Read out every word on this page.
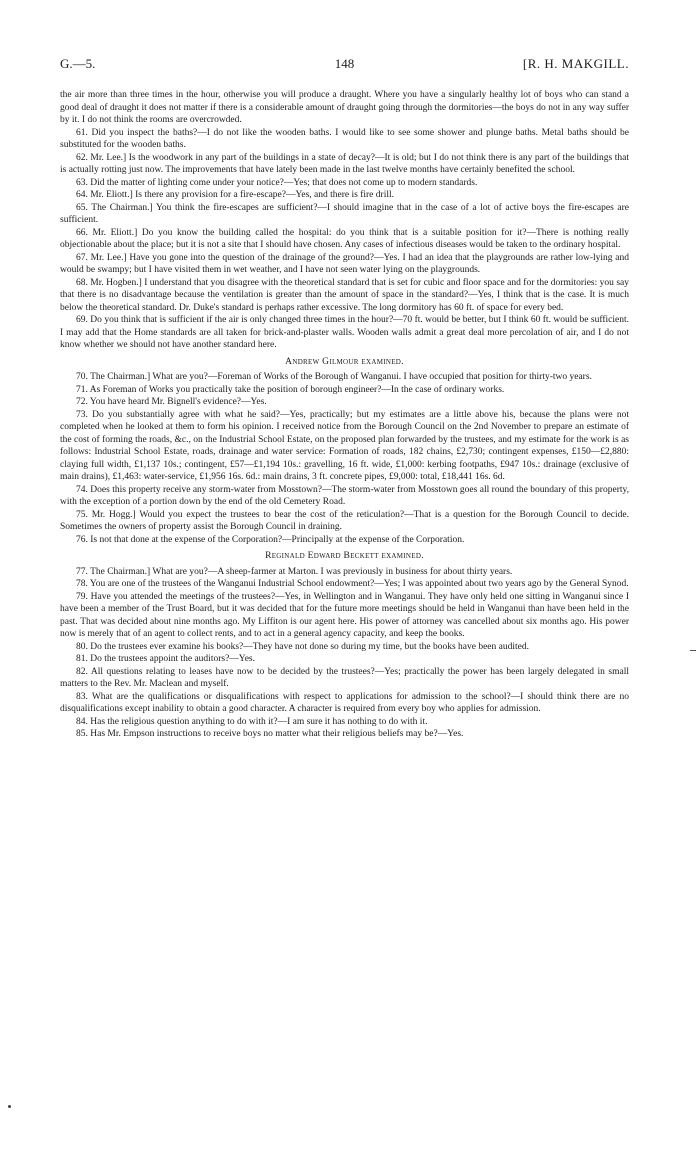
G.—5.	148	[R. H. MAKGILL.

the air more than three times in the hour, otherwise you will produce a draught. Where you have a singularly healthy lot of boys who can stand a good deal of draught it does not matter if there is a considerable amount of draught going through the dormitories—the boys do not in any way suffer by it. I do not think the rooms are overcrowded.

61. Did you inspect the baths?—I do not like the wooden baths. I would like to see some shower and plunge baths. Metal baths should be substituted for the wooden baths.

62. Mr. Lee.] Is the woodwork in any part of the buildings in a state of decay?—It is old; but I do not think there is any part of the buildings that is actually rotting just now. The improvements that have lately been made in the last twelve months have certainly benefited the school.

63. Did the matter of lighting come under your notice?—Yes; that does not come up to modern standards.

64. Mr. Eliott.] Is there any provision for a fire-escape?—Yes, and there is fire drill.

65. The Chairman.] You think the fire-escapes are sufficient?—I should imagine that in the case of a lot of active boys the fire-escapes are sufficient.

66. Mr. Eliott.] Do you know the building called the hospital: do you think that is a suitable position for it?—There is nothing really objectionable about the place; but it is not a site that I should have chosen. Any cases of infectious diseases would be taken to the ordinary hospital.

67. Mr. Lee.] Have you gone into the question of the drainage of the ground?—Yes. I had an idea that the playgrounds are rather low-lying and would be swampy; but I have visited them in wet weather, and I have not seen water lying on the playgrounds.

68. Mr. Hogben.] I understand that you disagree with the theoretical standard that is set for cubic and floor space and for the dormitories: you say that there is no disadvantage because the ventilation is greater than the amount of space in the standard?—Yes, I think that is the case. It is much below the theoretical standard. Dr. Duke's standard is perhaps rather excessive. The long dormitory has 60 ft. of space for every bed.

69. Do you think that is sufficient if the air is only changed three times in the hour?—70 ft. would be better, but I think 60 ft. would be sufficient. I may add that the Home standards are all taken for brick-and-plaster walls. Wooden walls admit a great deal more percolation of air, and I do not know whether we should not have another standard here.

Andrew Gilmour examined.

70. The Chairman.] What are you?—Foreman of Works of the Borough of Wanganui. I have occupied that position for thirty-two years.

71. As Foreman of Works you practically take the position of borough engineer?—In the case of ordinary works.

72. You have heard Mr. Bignell's evidence?—Yes.

73. Do you substantially agree with what he said?—Yes, practically; but my estimates are a little above his, because the plans were not completed when he looked at them to form his opinion. I received notice from the Borough Council on the 2nd November to prepare an estimate of the cost of forming the roads, &c., on the Industrial School Estate, on the proposed plan forwarded by the trustees, and my estimate for the work is as follows: Industrial School Estate, roads, drainage and water service: Formation of roads, 182 chains, £2,730; contingent expenses, £150—£2,880: claying full width, £1,137 10s.; contingent, £57—£1,194 10s.: gravelling, 16 ft. wide, £1,000: kerbing footpaths, £947 10s.: drainage (exclusive of main drains), £1,463: water-service, £1,956 16s. 6d.: main drains, 3 ft. concrete pipes, £9,000: total, £18,441 16s. 6d.

74. Does this property receive any storm-water from Mosstown?—The storm-water from Mosstown goes all round the boundary of this property, with the exception of a portion down by the end of the old Cemetery Road.

75. Mr. Hogg.] Would you expect the trustees to bear the cost of the reticulation?—That is a question for the Borough Council to decide. Sometimes the owners of property assist the Borough Council in draining.

76. Is not that done at the expense of the Corporation?—Principally at the expense of the Corporation.

Reginald Edward Beckett examined.

77. The Chairman.] What are you?—A sheep-farmer at Marton. I was previously in business for about thirty years.

78. You are one of the trustees of the Wanganui Industrial School endowment?—Yes; I was appointed about two years ago by the General Synod.

79. Have you attended the meetings of the trustees?—Yes, in Wellington and in Wanganui. They have only held one sitting in Wanganui since I have been a member of the Trust Board, but it was decided that for the future more meetings should be held in Wanganui than have been held in the past. That was decided about nine months ago. My Liffiton is our agent here. His power of attorney was cancelled about six months ago. His power now is merely that of an agent to collect rents, and to act in a general agency capacity, and keep the books.

80. Do the trustees ever examine his books?—They have not done so during my time, but the books have been audited.

81. Do the trustees appoint the auditors?—Yes.

82. All questions relating to leases have now to be decided by the trustees?—Yes; practically the power has been largely delegated in small matters to the Rev. Mr. Maclean and myself.

83. What are the qualifications or disqualifications with respect to applications for admission to the school?—I should think there are no disqualifications except inability to obtain a good character. A character is required from every boy who applies for admission.

84. Has the religious question anything to do with it?—I am sure it has nothing to do with it.

85. Has Mr. Empson instructions to receive boys no matter what their religious beliefs may be?—Yes.
